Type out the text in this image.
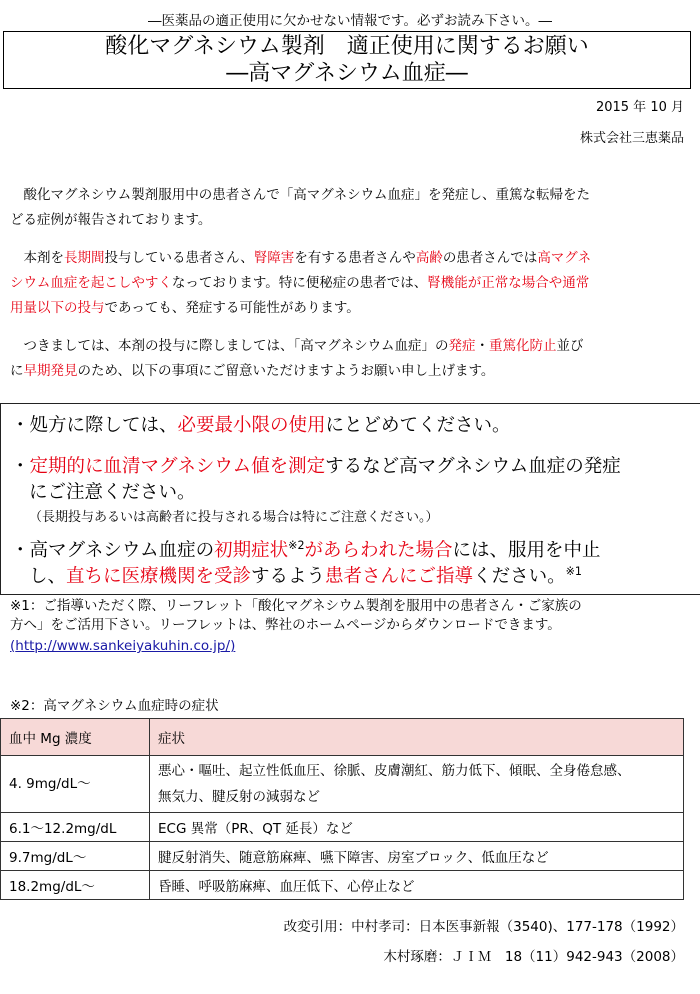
―医薬品の適正使用に欠かせない情報です。必ずお読み下さい。―
酸化マグネシウム製剤　適正使用に関するお願い
―高マグネシウム血症―
2015 年 10 月
株式会社三恵薬品
　酸化マグネシウム製剤服用中の患者さんで「高マグネシウム血症」を発症し、重篤な転帰をた
どる症例が報告されております。
　本剤を長期間投与している患者さん、腎障害を有する患者さんや高齢の患者さんでは高マグネ
シウム血症を起こしやすくなっております。特に便秘症の患者では、腎機能が正常な場合や通常
用量以下の投与であっても、発症する可能性があります。
　つきましては、本剤の投与に際しましては、「高マグネシウム血症」の発症・重篤化防止並び
に早期発見のため、以下の事項にご留意いただけますようお願い申し上げます。
・処方に際しては、必要最小限の使用にとどめてください。
・定期的に血清マグネシウム値を測定するなど高マグネシウム血症の発症
にご注意ください。
（長期投与あるいは高齢者に投与される場合は特にご注意ください。）
・高マグネシウム血症の初期症状$^{※2}$があらわれた場合には、服用を中止
し、直ちに医療機関を受診するよう患者さんにご指導ください。$^{※1}$
※1：ご指導いただく際、リーフレット「酸化マグネシウム製剤を服用中の患者さん・ご家族の
方へ」をご活用下さい。リーフレットは、弊社のホームページからダウンロードできます。
(http://www.sankeiyakuhin.co.jp/)
※2：高マグネシウム血症時の症状
血中 Mg 濃度	症状
4. 9mg/dL～	悪心・嘔吐、起立性低血圧、徐脈、皮膚潮紅、筋力低下、傾眠、全身倦怠感、
無気力、腱反射の減弱など

6.1～12.2mg/dL	ECG 異常（PR、QT 延長）など
9.7mg/dL～	腱反射消失、随意筋麻痺、嚥下障害、房室ブロック、低血圧など
18.2mg/dL～	昏睡、呼吸筋麻痺、血圧低下、心停止など
改変引用：中村孝司：日本医事新報（3540)、177-178（1992）
木村琢磨：ＪＩＭ　18（11）942-943（2008）
